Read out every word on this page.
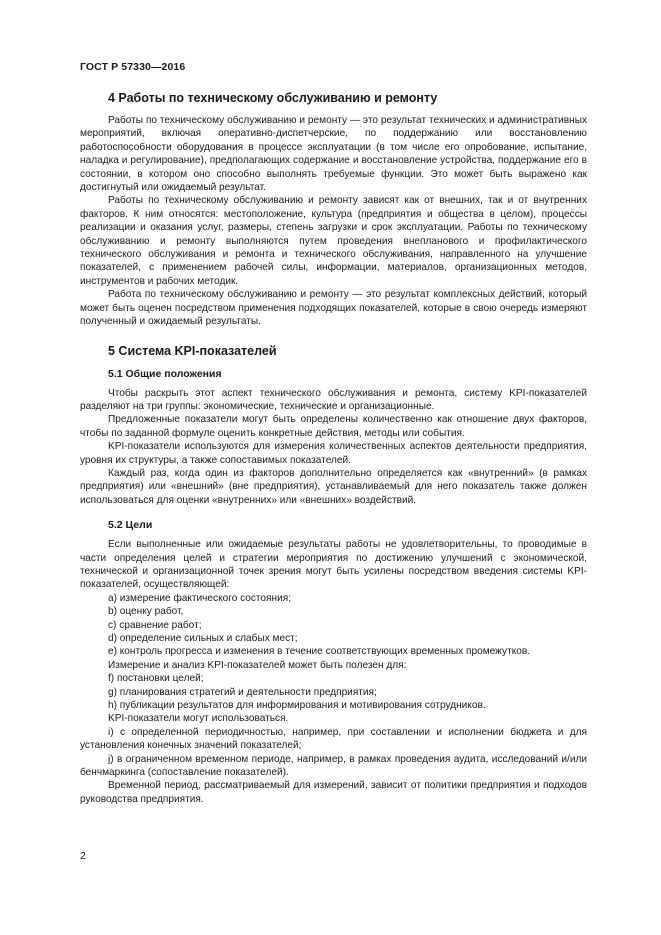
ГОСТ Р 57330—2016
4 Работы по техническому обслуживанию и ремонту

Работы по техническому обслуживанию и ремонту — это результат технических и административных мероприятий, включая оперативно-диспетчерские, по поддержанию или восстановлению работоспособности оборудования в процессе эксплуатации (в том числе его опробование, испытание, наладка и регулирование), предполагающих содержание и восстановление устройства, поддержание его в состоянии, в котором оно способно выполнять требуемые функции. Это может быть выражено как достигнутый или ожидаемый результат.

Работы по техническому обслуживанию и ремонту зависят как от внешних, так и от внутренних факторов. К ним относятся: местоположение, культура (предприятия и общества в целом), процессы реализации и оказания услуг, размеры, степень загрузки и срок эксплуатации. Работы по техническому обслуживанию и ремонту выполняются путем проведения внепланового и профилактического технического обслуживания и ремонта и технического обслуживания, направленного на улучшение показателей, с применением рабочей силы, информации, материалов, организационных методов, инструментов и рабочих методик.

Работа по техническому обслуживанию и ремонту — это результат комплексных действий, который может быть оценен посредством применения подходящих показателей, которые в свою очередь измеряют полученный и ожидаемый результаты.

5 Система KPI-показателей
5.1 Общие положения

Чтобы раскрыть этот аспект технического обслуживания и ремонта, систему KPI-показателей разделяют на три группы: экономические, технические и организационные.

Предложенные показатели могут быть определены количественно как отношение двух факторов, чтобы по заданной формуле оценить конкретные действия, методы или события.

KPI-показатели используются для измерения количественных аспектов деятельности предприятия, уровня их структуры, а также сопоставимых показателей.

Каждый раз, когда один из факторов дополнительно определяется как «внутренний» (в рамках предприятия) или «внешний» (вне предприятия), устанавливаемый для него показатель также должен использоваться для оценки «внутренних» или «внешних» воздействий.

5.2 Цели

Если выполненные или ожидаемые результаты работы не удовлетворительны, то проводимые в части определения целей и стратегии мероприятия по достижению улучшений с экономической, технической и организационной точек зрения могут быть усилены посредством введения системы KPI-показателей, осуществляющей:

a) измерение фактического состояния;
b) оценку работ,
c) сравнение работ;
d) определение сильных и слабых мест;
e) контроль прогресса и изменения в течение соответствующих временных промежутков.

Измерение и анализ KPI-показателей может быть полезен для:

f) постановки целей;
g) планирования стратегий и деятельности предприятия;
h) публикации результатов для информирования и мотивирования сотрудников.

KPI-показатели могут использоваться.

i) с определенной периодичностью, например, при составлении и исполнении бюджета и для установления конечных значений показателей;

j) в ограниченном временном периоде, например, в рамках проведения аудита, исследований и/или бенчмаркинга (сопоставление показателей).

Временной период, рассматриваемый для измерений, зависит от политики предприятия и подходов руководства предприятия.

2
